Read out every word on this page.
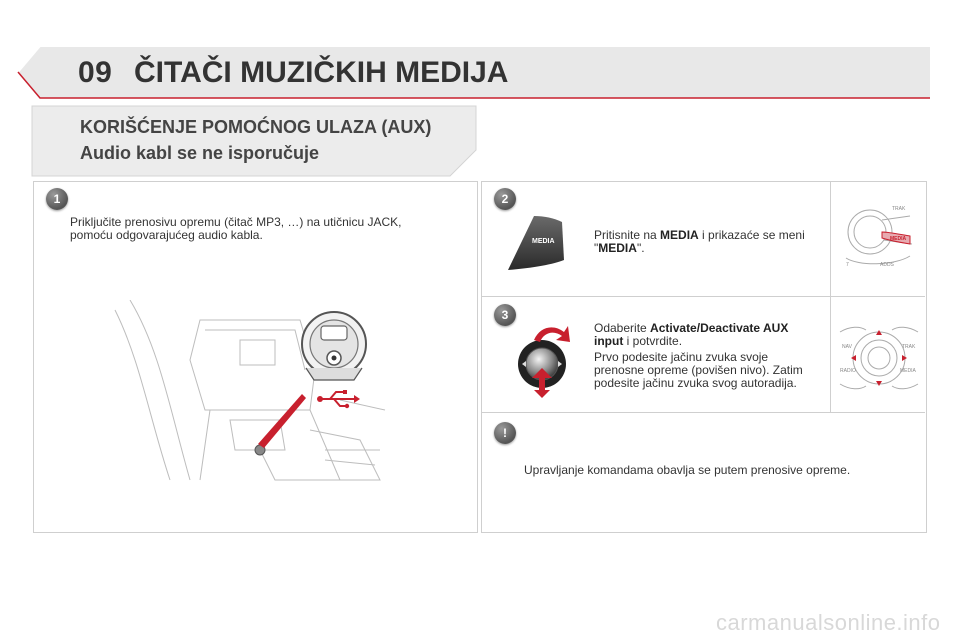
09 ČITAČI MUZIČKIH MEDIJA
KORIŠĆENJE POMOĆNOG ULAZA (AUX)
Audio kabl se ne isporučuje
1
Priključite prenosivu opremu (čitač MP3, …) na utičnicu JACK,
pomoću odgovarajućeg audio kabla.
2
MEDIA	Pritisnite na MEDIA i prikazaće se meni
"MEDIA".
TRAK
MEDIA
ADDS
7
3
Odaberite Activate/Deactivate AUX
input i potvrdite.
Prvo podesite jačinu zvuka svoje
prenosne opreme (povišen nivo). Zatim
podesite jačinu zvuka svog autoradija.
NAV	TRAK
RADIO	MEDIA
!
Upravljanje komandama obavlja se putem prenosive opreme.
carmanualsonline.info
